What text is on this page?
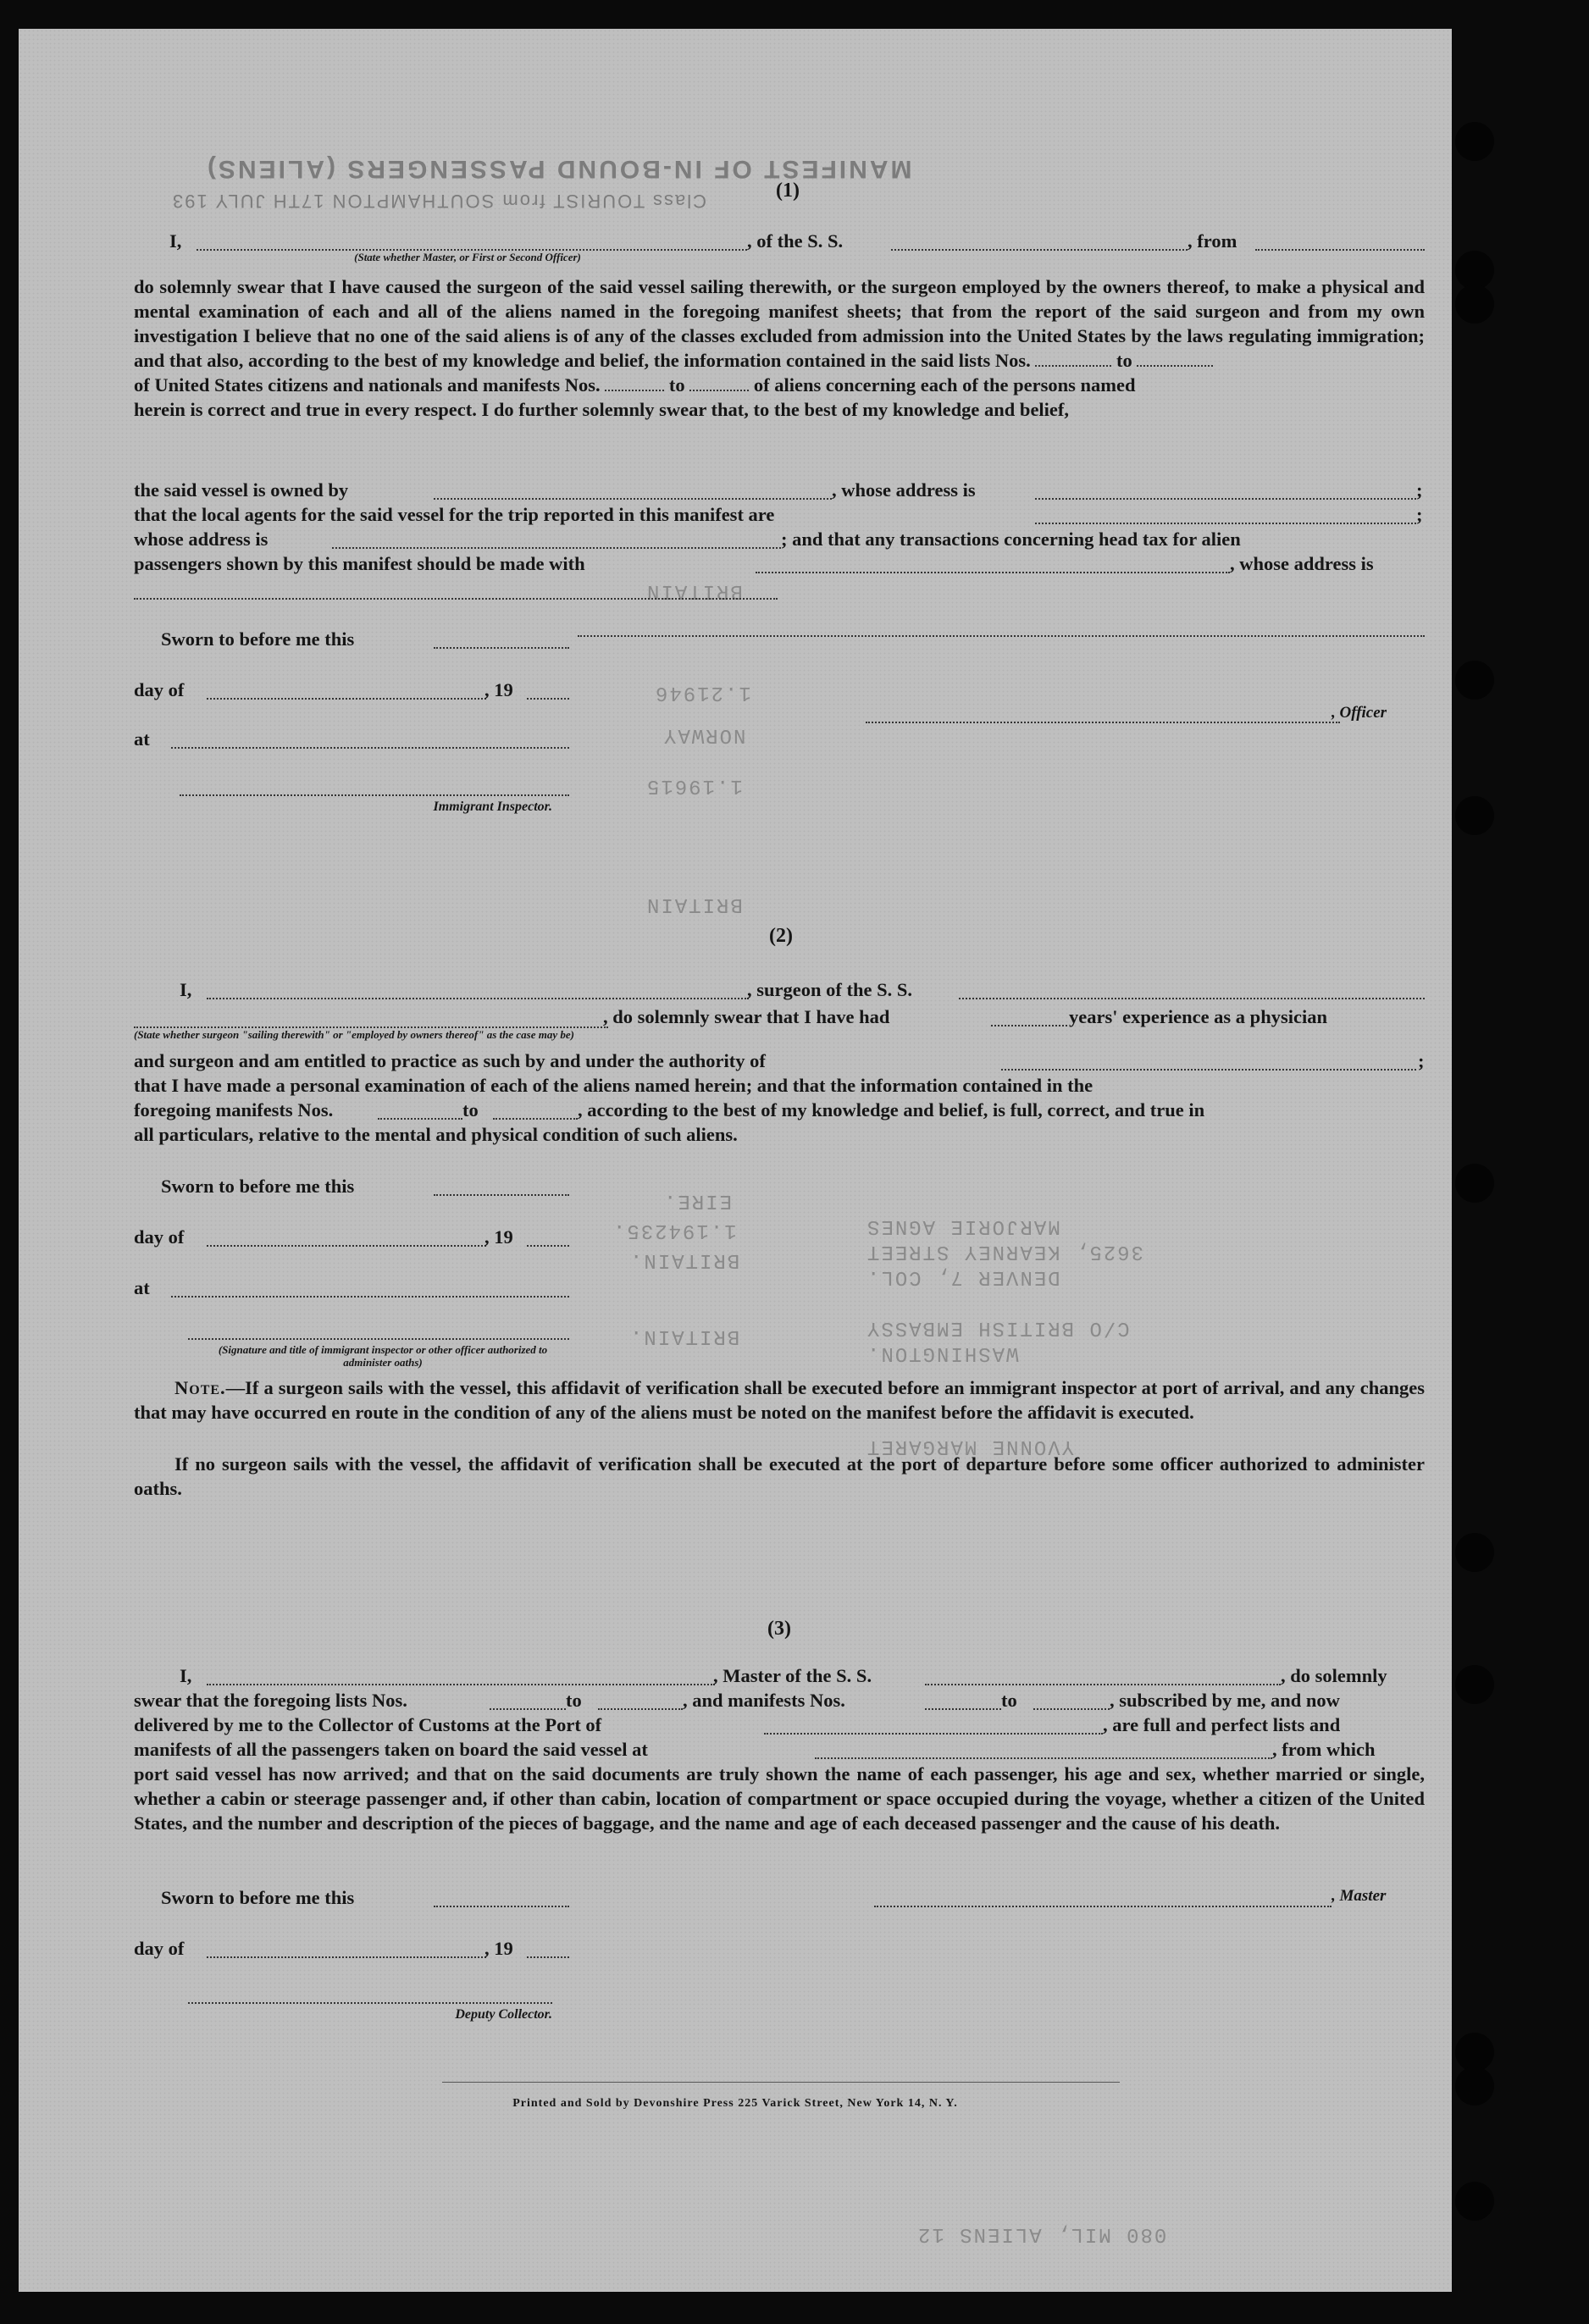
MANIFEST OF IN-BOUND PASSENGERS (ALIENS)
Class TOURIST from SOUTHAMPTON 17TH JULY 193
BRITAIN
1.21946
NORWAY
1.19615
BRITAIN
EIRE.
1.194235.
BRITAIN.
BRITAIN.
MARJORIE AGNES
3625, KEARNEY STREET
DENVER 7, COL.
C/O BRITISH EMBASSY
WASHINGTON.
YVONNE MARGARET
080 MIL, ALIENS 12
(1)
I,	, of the S. S.	, from
(State whether Master, or First or Second Officer)
do solemnly swear that I have caused the surgeon of the said vessel sailing therewith, or the surgeon employed by the owners thereof, to make a physical and mental examination of each and all of the aliens named in the foregoing manifest sheets; that from the report of the said surgeon and from my own investigation I believe that no one of the said aliens is of any of the classes excluded from admission into the United States by the laws regulating immigration; and that also, according to the best of my knowledge and belief, the information contained in the said lists Nos.	to
of United States citizens and nationals and manifests Nos.	to	of aliens concerning each of the persons named
herein is correct and true in every respect. I do further solemnly swear that, to the best of my knowledge and belief,
the said vessel is owned by	, whose address is	;
that the local agents for the said vessel for the trip reported in this manifest are	;
whose address is	; and that any transactions concerning head tax for alien
passengers shown by this manifest should be made with	, whose address is
Sworn to before me this
day of	, 19
, Officer
at
Immigrant Inspector.
(2)
I,	, surgeon of the S. S.
, do solemnly swear that I have had	years' experience as a physician
(State whether surgeon "sailing therewith" or "employed by owners thereof" as the case may be)
and surgeon and am entitled to practice as such by and under the authority of	;
that I have made a personal examination of each of the aliens named herein; and that the information contained in the
foregoing manifests Nos.	to	, according to the best of my knowledge and belief, is full, correct, and true in
all particulars, relative to the mental and physical condition of such aliens.
Sworn to before me this
day of	, 19
at
(Signature and title of immigrant inspector or other officer authorized to administer oaths)
Note.—If a surgeon sails with the vessel, this affidavit of verification shall be executed before an immigrant inspector at port of arrival, and any changes that may have occurred en route in the condition of any of the aliens must be noted on the manifest before the affidavit is executed.
If no surgeon sails with the vessel, the affidavit of verification shall be executed at the port of departure before some officer authorized to administer oaths.
(3)
I,	, Master of the S. S.	, do solemnly
swear that the foregoing lists Nos.	to	, and manifests Nos.	to	, subscribed by me, and now
delivered by me to the Collector of Customs at the Port of	, are full and perfect lists and
manifests of all the passengers taken on board the said vessel at	, from which
port said vessel has now arrived; and that on the said documents are truly shown the name of each passenger, his age and sex, whether married or single, whether a cabin or steerage passenger and, if other than cabin, location of compartment or space occupied during the voyage, whether a citizen of the United States, and the number and description of the pieces of baggage, and the name and age of each deceased passenger and the cause of his death.
Sworn to before me this	, Master
day of	, 19
Deputy Collector.
Printed and Sold by Devonshire Press 225 Varick Street, New York 14, N. Y.
